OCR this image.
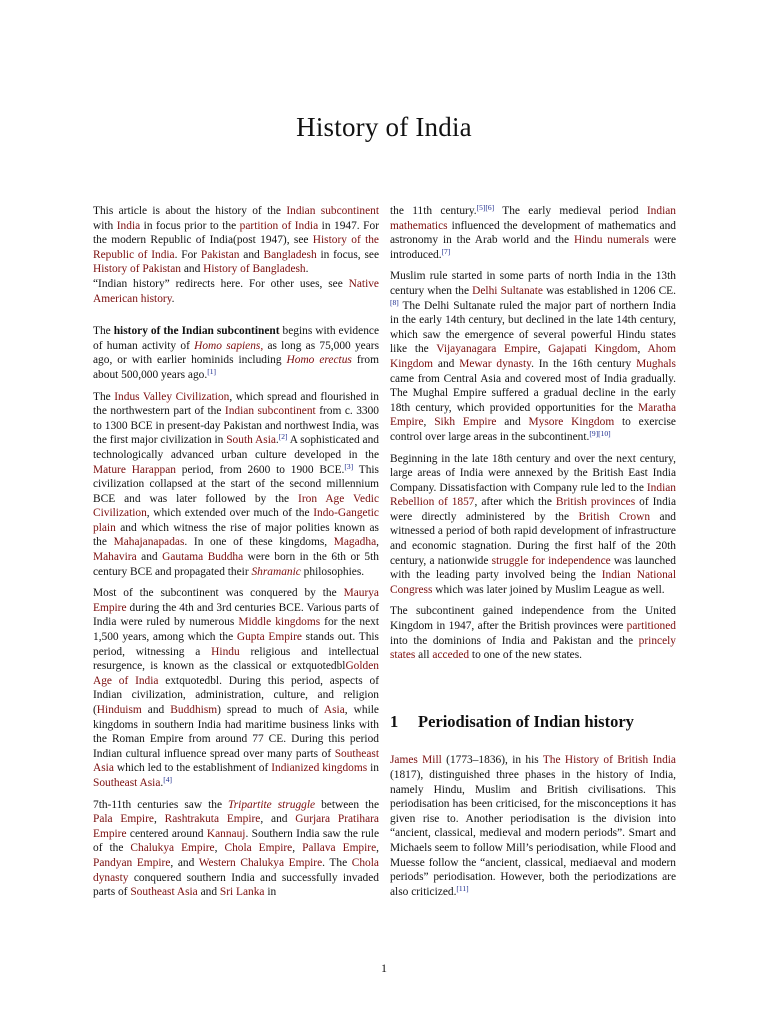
History of India

This article is about the history of the Indian subcontinent with India in focus prior to the partition of India in 1947. For the modern Republic of India(post 1947), see History of the Republic of India. For Pakistan and Bangladesh in focus, see History of Pakistan and History of Bangladesh.

“Indian history” redirects here. For other uses, see Native American history.

The history of the Indian subcontinent begins with evidence of human activity of Homo sapiens, as long as 75,000 years ago, or with earlier hominids including Homo erectus from about 500,000 years ago.[1]

The Indus Valley Civilization, which spread and flourished in the northwestern part of the Indian subcontinent from c. 3300 to 1300 BCE in present-day Pakistan and northwest India, was the first major civilization in South Asia.[2] A sophisticated and technologically advanced urban culture developed in the Mature Harappan period, from 2600 to 1900 BCE.[3] This civilization collapsed at the start of the second millennium BCE and was later followed by the Iron Age Vedic Civilization, which extended over much of the Indo-Gangetic plain and which witness the rise of major polities known as the Mahajanapadas. In one of these kingdoms, Magadha, Mahavira and Gautama Buddha were born in the 6th or 5th century BCE and propagated their Shramanic philosophies.

Most of the subcontinent was conquered by the Maurya Empire during the 4th and 3rd centuries BCE. Various parts of India were ruled by numerous Middle kingdoms for the next 1,500 years, among which the Gupta Empire stands out. This period, witnessing a Hindu religious and intellectual resurgence, is known as the classical or extquotedblGolden Age of India extquotedbl. During this period, aspects of Indian civilization, administration, culture, and religion (Hinduism and Buddhism) spread to much of Asia, while kingdoms in southern India had maritime business links with the Roman Empire from around 77 CE. During this period Indian cultural influence spread over many parts of Southeast Asia which led to the establishment of Indianized kingdoms in Southeast Asia.[4]

7th-11th centuries saw the Tripartite struggle between the Pala Empire, Rashtrakuta Empire, and Gurjara Pratihara Empire centered around Kannauj. Southern India saw the rule of the Chalukya Empire, Chola Empire, Pallava Empire, Pandyan Empire, and Western Chalukya Empire. The Chola dynasty conquered southern India and successfully invaded parts of Southeast Asia and Sri Lanka in

the 11th century.[5][6] The early medieval period Indian mathematics influenced the development of mathematics and astronomy in the Arab world and the Hindu numerals were introduced.[7]

Muslim rule started in some parts of north India in the 13th century when the Delhi Sultanate was established in 1206 CE.[8] The Delhi Sultanate ruled the major part of northern India in the early 14th century, but declined in the late 14th century, which saw the emergence of several powerful Hindu states like the Vijayanagara Empire, Gajapati Kingdom, Ahom Kingdom and Mewar dynasty. In the 16th century Mughals came from Central Asia and covered most of India gradually. The Mughal Empire suffered a gradual decline in the early 18th century, which provided opportunities for the Maratha Empire, Sikh Empire and Mysore Kingdom to exercise control over large areas in the subcontinent.[9][10]

Beginning in the late 18th century and over the next century, large areas of India were annexed by the British East India Company. Dissatisfaction with Company rule led to the Indian Rebellion of 1857, after which the British provinces of India were directly administered by the British Crown and witnessed a period of both rapid development of infrastructure and economic stagnation. During the first half of the 20th century, a nationwide struggle for independence was launched with the leading party involved being the Indian National Congress which was later joined by Muslim League as well.

The subcontinent gained independence from the United Kingdom in 1947, after the British provinces were partitioned into the dominions of India and Pakistan and the princely states all acceded to one of the new states.

1 Periodisation of Indian history

James Mill (1773–1836), in his The History of British India (1817), distinguished three phases in the history of India, namely Hindu, Muslim and British civilisations. This periodisation has been criticised, for the misconceptions it has given rise to. Another periodisation is the division into “ancient, classical, medieval and modern periods”. Smart and Michaels seem to follow Mill’s periodisation, while Flood and Muesse follow the “ancient, classical, mediaeval and modern periods” periodisation. However, both the periodizations are also criticized.[11]

1
